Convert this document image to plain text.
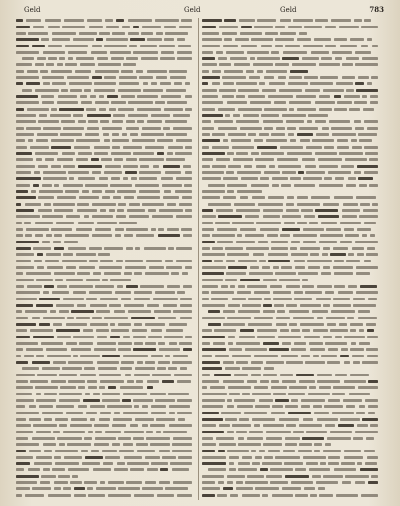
Geld	Geld	Geld	783
